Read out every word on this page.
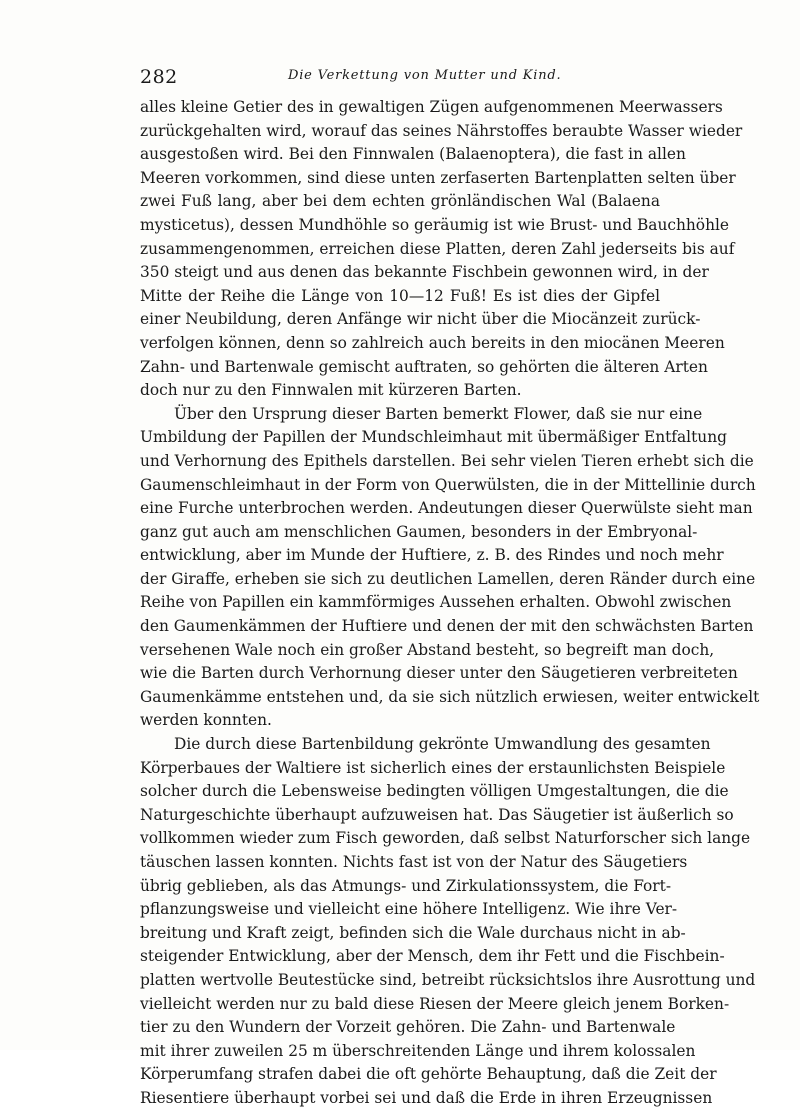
282	Die Verkettung von Mutter und Kind.
alles kleine Getier des in gewaltigen Zügen aufgenommenen Meerwassers
zurückgehalten wird, worauf das seines Nährstoffes beraubte Wasser wieder
ausgestoßen wird. Bei den Finnwalen (Balaenoptera), die fast in allen
Meeren vorkommen, sind diese unten zerfaserten Bartenplatten selten über
zwei Fuß lang, aber bei dem echten grönländischen Wal (Balaena
mysticetus), dessen Mundhöhle so geräumig ist wie Brust- und Bauchhöhle
zusammengenommen, erreichen diese Platten, deren Zahl jederseits bis auf
350 steigt und aus denen das bekannte Fischbein gewonnen wird, in der
Mitte der Reihe die Länge von 10—12 Fuß! Es ist dies der Gipfel
einer Neubildung, deren Anfänge wir nicht über die Miocänzeit zurück-
verfolgen können, denn so zahlreich auch bereits in den miocänen Meeren
Zahn- und Bartenwale gemischt auftraten, so gehörten die älteren Arten
doch nur zu den Finnwalen mit kürzeren Barten.
Über den Ursprung dieser Barten bemerkt Flower, daß sie nur eine
Umbildung der Papillen der Mundschleimhaut mit übermäßiger Entfaltung
und Verhornung des Epithels darstellen. Bei sehr vielen Tieren erhebt sich die
Gaumenschleimhaut in der Form von Querwülsten, die in der Mittellinie durch
eine Furche unterbrochen werden. Andeutungen dieser Querwülste sieht man
ganz gut auch am menschlichen Gaumen, besonders in der Embryonal-
entwicklung, aber im Munde der Huftiere, z. B. des Rindes und noch mehr
der Giraffe, erheben sie sich zu deutlichen Lamellen, deren Ränder durch eine
Reihe von Papillen ein kammförmiges Aussehen erhalten. Obwohl zwischen
den Gaumenkämmen der Huftiere und denen der mit den schwächsten Barten
versehenen Wale noch ein großer Abstand besteht, so begreift man doch,
wie die Barten durch Verhornung dieser unter den Säugetieren verbreiteten
Gaumenkämme entstehen und, da sie sich nützlich erwiesen, weiter entwickelt
werden konnten.
Die durch diese Bartenbildung gekrönte Umwandlung des gesamten
Körperbaues der Waltiere ist sicherlich eines der erstaunlichsten Beispiele
solcher durch die Lebensweise bedingten völligen Umgestaltungen, die die
Naturgeschichte überhaupt aufzuweisen hat. Das Säugetier ist äußerlich so
vollkommen wieder zum Fisch geworden, daß selbst Naturforscher sich lange
täuschen lassen konnten. Nichts fast ist von der Natur des Säugetiers
übrig geblieben, als das Atmungs- und Zirkulationssystem, die Fort-
pflanzungsweise und vielleicht eine höhere Intelligenz. Wie ihre Ver-
breitung und Kraft zeigt, befinden sich die Wale durchaus nicht in ab-
steigender Entwicklung, aber der Mensch, dem ihr Fett und die Fischbein-
platten wertvolle Beutestücke sind, betreibt rücksichtslos ihre Ausrottung und
vielleicht werden nur zu bald diese Riesen der Meere gleich jenem Borken-
tier zu den Wundern der Vorzeit gehören. Die Zahn- und Bartenwale
mit ihrer zuweilen 25 m überschreitenden Länge und ihrem kolossalen
Körperumfang strafen dabei die oft gehörte Behauptung, daß die Zeit der
Riesentiere überhaupt vorbei sei und daß die Erde in ihren Erzeugnissen
